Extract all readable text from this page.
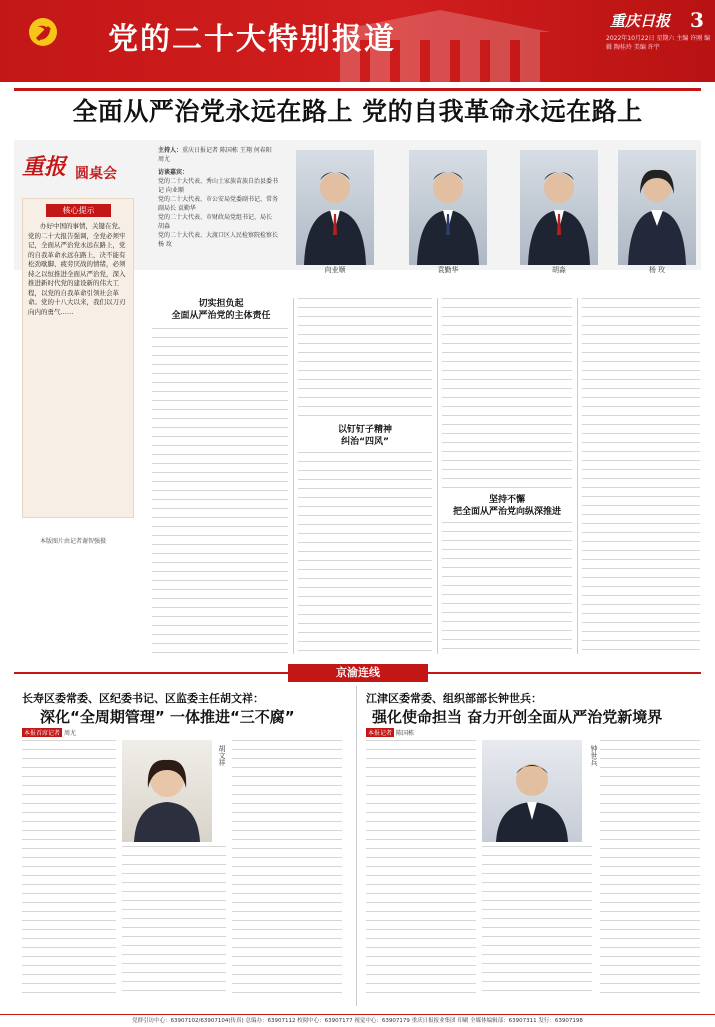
党的二十大特别报道
重庆日报 3
2022年10月22日 星期六 主编 许刚 编辑 陶桂玲 美编 许宇
全面从严治党永远在路上 党的自我革命永远在路上
重报 圆桌会
主持人：重庆日报记者 陈国栋 王翔 何春阳 周尤
访谈嘉宾：
党的二十大代表、秀山土家族苗族自治县委书记 向业顺
党的二十大代表、市公安局党委副书记、常务副局长 袁勤华
党的二十大代表、市财政局党组书记、局长 胡淼
党的二十大代表、大渡口区人民检察院检察长 杨 玫
向业顺	袁勤华	胡淼	杨 玫
核心提示
办好中国的事情，关键在党。党的二十大报告强调，全党必须牢记，全面从严治党永远在路上，党的自我革命永远在路上，决不能有松劲歇脚、疲劳厌战的情绪，必须持之以恒推进全面从严治党，深入推进新时代党的建设新的伟大工程，以党的自我革命引领社会革命。党的十八大以来，我们以刀刃向内的勇气……
本版图片由记者谢智强摄
切实担负起
全面从严治党的主体责任
以钉钉子精神
纠治“四风”
坚持不懈
把全面从严治党向纵深推进
京渝连线
长寿区委常委、区纪委书记、区监委主任胡文祥：
深化“全周期管理” 一体推进“三不腐”
本报首席记者 周尤
胡文祥
江津区委常委、组织部部长钟世兵：
强化使命担当 奋力开创全面从严治党新境界
本报记者 陈国栋
钟世兵
党群引访中心：63907102/63907104(传真) 总编办：63907112 校阅中心：63907177 视觉中心：63907179 重庆日报报业集团 印刷 全媒体编辑部：63907311 发行：63907198
